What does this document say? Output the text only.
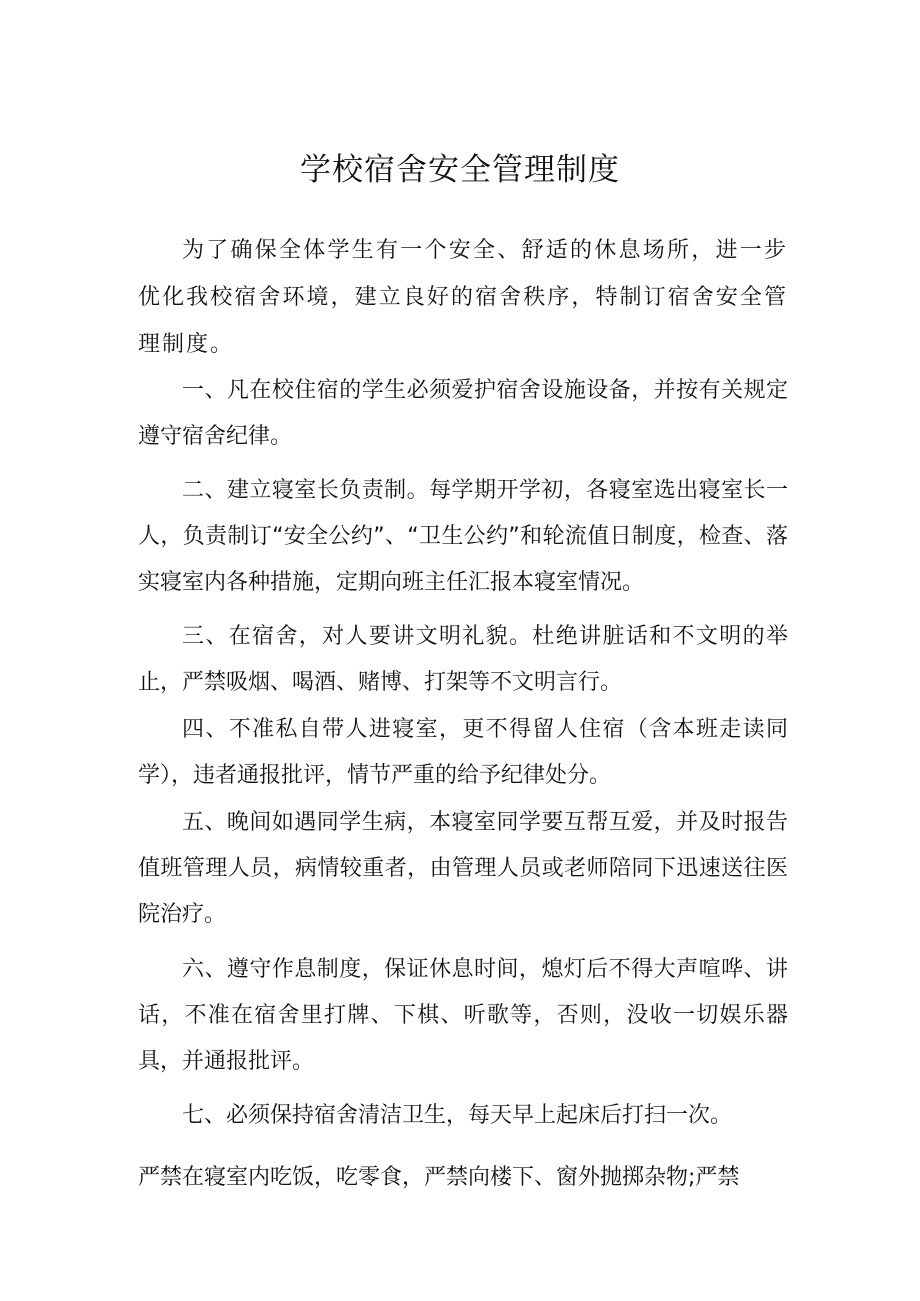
学校宿舍安全管理制度

为了确保全体学生有一个安全、舒适的休息场所，进一步优化我校宿舍环境，建立良好的宿舍秩序，特制订宿舍安全管理制度。

一、凡在校住宿的学生必须爱护宿舍设施设备，并按有关规定遵守宿舍纪律。

二、建立寝室长负责制。每学期开学初，各寝室选出寝室长一人，负责制订“安全公约”、“卫生公约”和轮流值日制度，检查、落实寝室内各种措施，定期向班主任汇报本寝室情况。

三、在宿舍，对人要讲文明礼貌。杜绝讲脏话和不文明的举止，严禁吸烟、喝酒、赌博、打架等不文明言行。

四、不准私自带人进寝室，更不得留人住宿（含本班走读同学），违者通报批评，情节严重的给予纪律处分。

五、晚间如遇同学生病，本寝室同学要互帮互爱，并及时报告值班管理人员，病情较重者，由管理人员或老师陪同下迅速送往医院治疗。

六、遵守作息制度，保证休息时间，熄灯后不得大声喧哗、讲话，不准在宿舍里打牌、下棋、听歌等，否则，没收一切娱乐器具，并通报批评。

七、必须保持宿舍清洁卫生，每天早上起床后打扫一次。

严禁在寝室内吃饭，吃零食，严禁向楼下、窗外抛掷杂物;严禁
